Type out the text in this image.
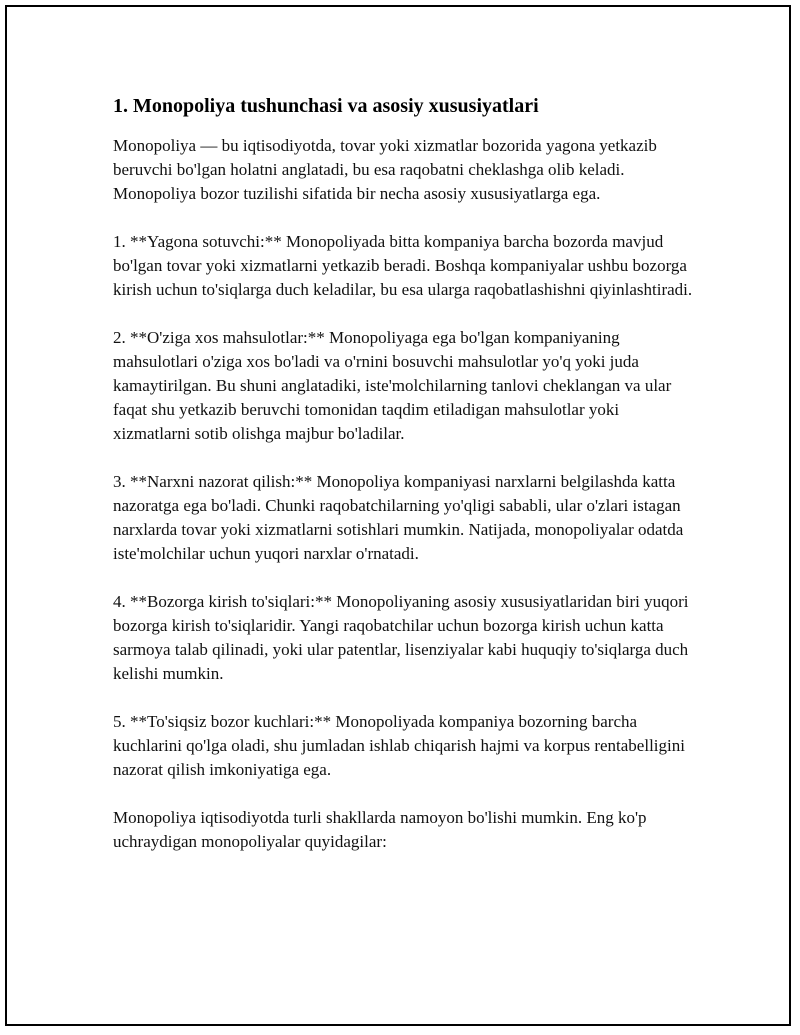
1. Monopoliya tushunchasi va asosiy xususiyatlari

Monopoliya — bu iqtisodiyotda, tovar yoki xizmatlar bozorida yagona yetkazib beruvchi bo'lgan holatni anglatadi, bu esa raqobatni cheklashga olib keladi. Monopoliya bozor tuzilishi sifatida bir necha asosiy xususiyatlarga ega.

1. **Yagona sotuvchi:** Monopoliyada bitta kompaniya barcha bozorda mavjud bo'lgan tovar yoki xizmatlarni yetkazib beradi. Boshqa kompaniyalar ushbu bozorga kirish uchun to'siqlarga duch keladilar, bu esa ularga raqobatlashishni qiyinlashtiradi.

2. **O'ziga xos mahsulotlar:** Monopoliyaga ega bo'lgan kompaniyaning mahsulotlari o'ziga xos bo'ladi va o'rnini bosuvchi mahsulotlar yo'q yoki juda kamaytirilgan. Bu shuni anglatadiki, iste'molchilarning tanlovi cheklangan va ular faqat shu yetkazib beruvchi tomonidan taqdim etiladigan mahsulotlar yoki xizmatlarni sotib olishga majbur bo'ladilar.

3. **Narxni nazorat qilish:** Monopoliya kompaniyasi narxlarni belgilashda katta nazoratga ega bo'ladi. Chunki raqobatchilarning yo'qligi sababli, ular o'zlari istagan narxlarda tovar yoki xizmatlarni sotishlari mumkin. Natijada, monopoliyalar odatda iste'molchilar uchun yuqori narxlar o'rnatadi.

4. **Bozorga kirish to'siqlari:** Monopoliyaning asosiy xususiyatlaridan biri yuqori bozorga kirish to'siqlaridir. Yangi raqobatchilar uchun bozorga kirish uchun katta sarmoya talab qilinadi, yoki ular patentlar, lisenziyalar kabi huquqiy to'siqlarga duch kelishi mumkin.

5. **To'siqsiz bozor kuchlari:** Monopoliyada kompaniya bozorning barcha kuchlarini qo'lga oladi, shu jumladan ishlab chiqarish hajmi va korpus rentabelligini nazorat qilish imkoniyatiga ega.

Monopoliya iqtisodiyotda turli shakllarda namoyon bo'lishi mumkin. Eng ko'p uchraydigan monopoliyalar quyidagilar:
